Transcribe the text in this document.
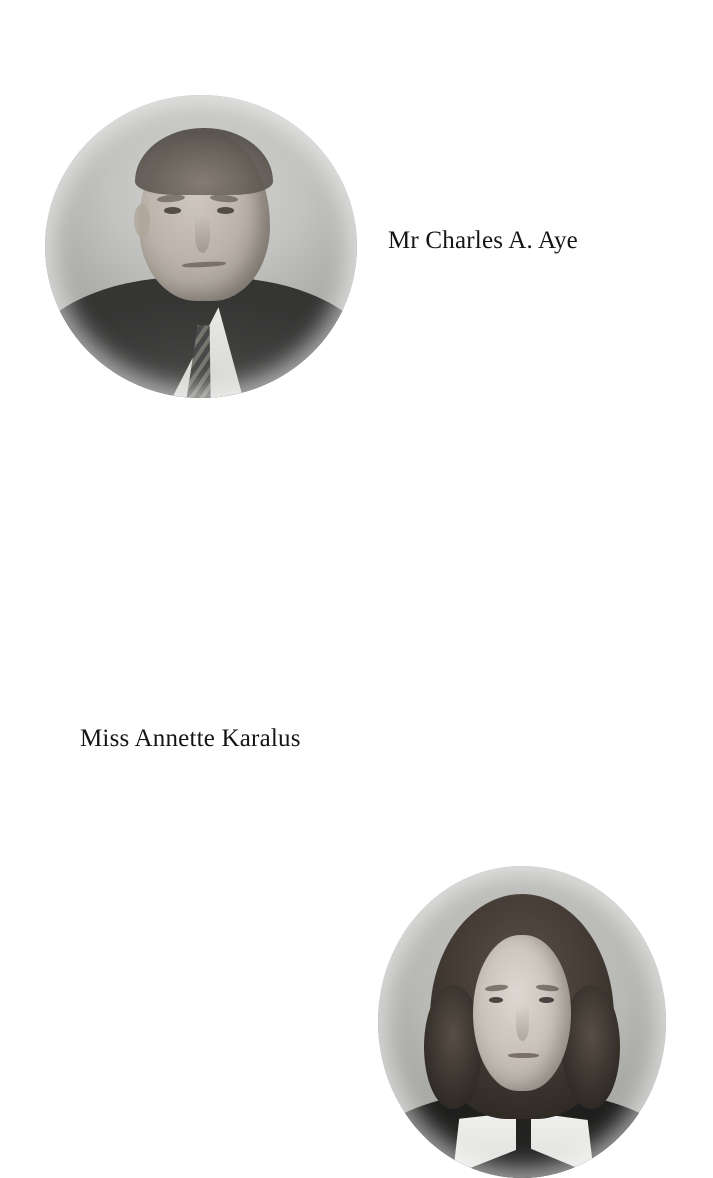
Mr Charles A. Aye
Miss Annette Karalus
